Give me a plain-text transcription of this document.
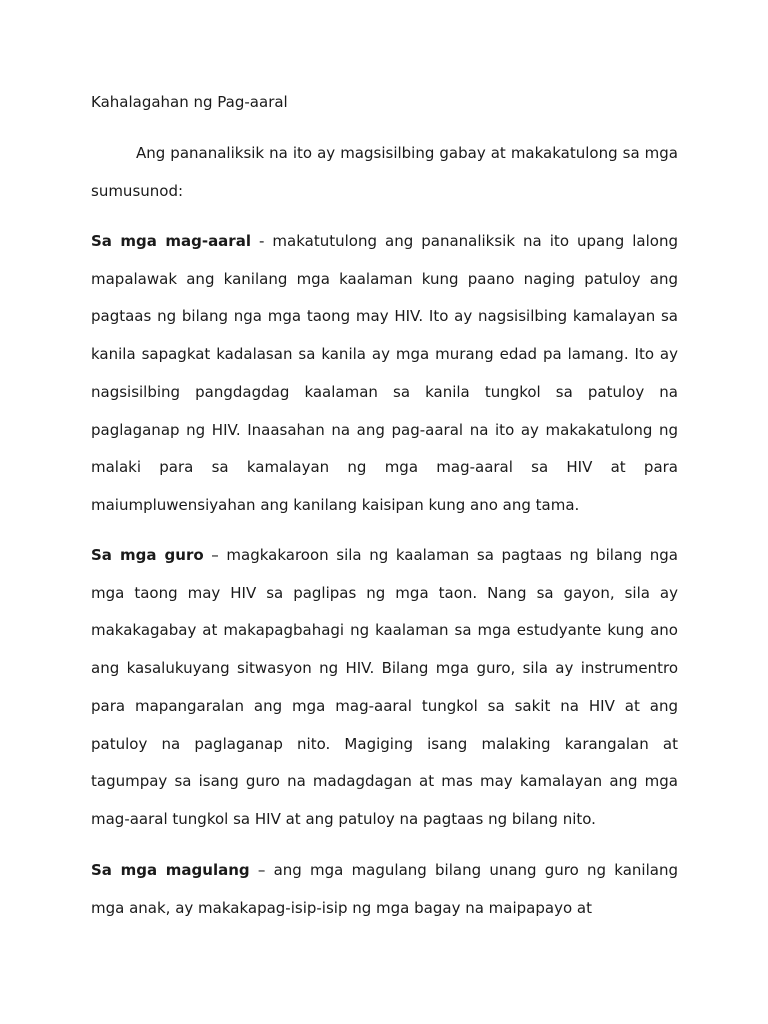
Kahalagahan ng Pag-aaral

Ang pananaliksik na ito ay magsisilbing gabay at makakatulong sa mga sumusunod:

Sa mga mag-aaral - makatutulong ang pananaliksik na ito upang lalong mapalawak ang kanilang mga kaalaman kung paano naging patuloy ang pagtaas ng bilang nga mga taong may HIV. Ito ay nagsisilbing kamalayan sa kanila sapagkat kadalasan sa kanila ay mga murang edad pa lamang. Ito ay nagsisilbing pangdagdag kaalaman sa kanila tungkol sa patuloy na paglaganap ng HIV. Inaasahan na ang pag-aaral na ito ay makakatulong ng malaki para sa kamalayan ng mga mag-aaral sa HIV at para maiumpluwensiyahan ang kanilang kaisipan kung ano ang tama.

Sa mga guro – magkakaroon sila ng kaalaman sa pagtaas ng bilang nga mga taong may HIV sa paglipas ng mga taon. Nang sa gayon, sila ay makakagabay at makapagbahagi ng kaalaman sa mga estudyante kung ano ang kasalukuyang sitwasyon ng HIV. Bilang mga guro, sila ay instrumentro para mapangaralan ang mga mag-aaral tungkol sa sakit na HIV at ang patuloy na paglaganap nito. Magiging isang malaking karangalan at tagumpay sa isang guro na madagdagan at mas may kamalayan ang mga mag-aaral tungkol sa HIV at ang patuloy na pagtaas ng bilang nito.

Sa mga magulang – ang mga magulang bilang unang guro ng kanilang mga anak, ay makakapag-isip-isip ng mga bagay na maipapayo at
